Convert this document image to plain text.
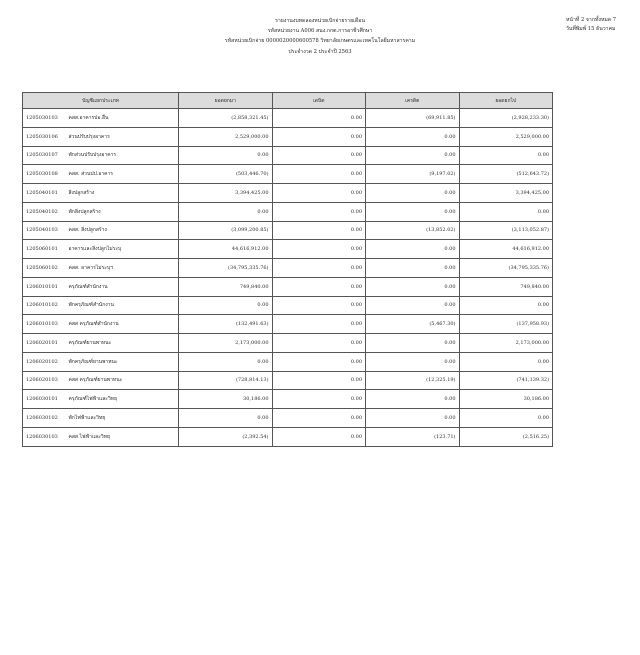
รายงานงบทดลองหน่วยเบิกจ่ายรายเดือน
รหัสหน่วยงาน A006 สนง.กกต.การอาชีวศึกษา
รหัสหน่วยเบิกจ่าย 0000020000600578 วิทยาลัยเกษตรและเทคโนโลยีมหาสารคาม
ประจำงวด 2 ประจำปี 2563
หน้าที่ 2 จากทั้งหมด 7
วันที่พิมพ์ 15 ธันวาคม
บัญชีแยกประเภท		ยอดยกมา	เดบิต	เครดิต	ยอดยกไป
1205030103	คสส.อาคารปอ.อื่น	(2,858,321.45)	0.00	(69,911.85)	(2,928,233.30)
1205030106	ส่วนปรับปรุงอาคาร	2,529,000.00	0.00	0.00	2,529,000.00
1205030107	พักส่วนปรับปรุงอาคาร	0.00	0.00	0.00	0.00
1205030108	คสส. ส่วนปป.อาคาร	(503,446.70)	0.00	(9,197.02)	(512,643.72)
1205040101	สิ่งปลูกสร้าง	3,394,425.00	0.00	0.00	3,394,425.00
1205040102	พักสิ่งปลูกสร้าง	0.00	0.00	0.00	0.00
1205040103	คสส. สิ่งปลูกสร้าง	(3,099,200.85)	0.00	(13,852.02)	(3,113,052.87)
1205060101	อาคารและสิ่งปลูกไม่ระบุ	44,616,912.00	0.00	0.00	44,616,912.00
1205060102	คสส. อาคารไม่ระบุฯ	(34,795,335.76)	0.00	0.00	(34,795,335.76)
1206010101	ครุภัณฑ์สำนักงาน	749,840.00	0.00	0.00	749,840.00
1206010102	พักครุภัณฑ์สำนักงาน	0.00	0.00	0.00	0.00
1206010103	คสส ครุภัณฑ์สำนักงาน	(132,491.63)	0.00	(5,467.30)	(137,958.93)
1206020101	ครุภัณฑ์ยานพาหนะ	2,173,000.00	0.00	0.00	2,173,000.00
1206020102	พักครุภัณฑ์ยานพาหนะ	0.00	0.00	0.00	0.00
1206020103	คสส ครุภัณฑ์ยานพาหนะ	(728,814.13)	0.00	(12,325.19)	(741,139.32)
1206030101	ครุภัณฑ์ไฟฟ้าและวิทยุ	30,186.00	0.00	0.00	30,186.00
1206030102	พักไฟฟ้าและวิทยุ	0.00	0.00	0.00	0.00
1206030103	คสส ไฟฟ้าและวิทยุ	(2,392.54)	0.00	(123.71)	(2,516.25)
